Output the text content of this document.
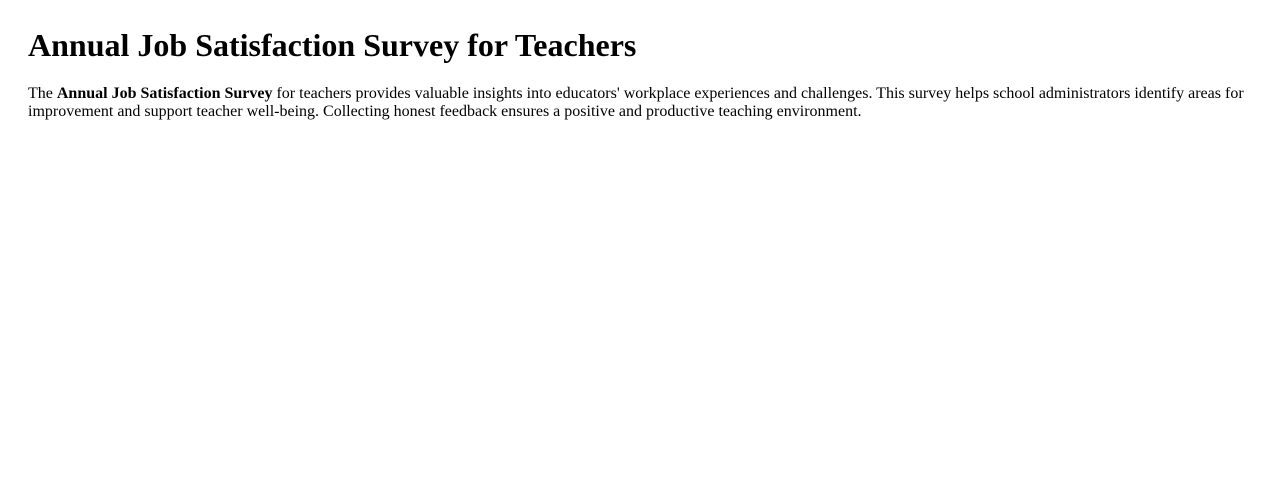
Annual Job Satisfaction Survey for Teachers

The Annual Job Satisfaction Survey for teachers provides valuable insights into educators' workplace experiences and challenges. This survey helps school administrators identify areas for improvement and support teacher well-being. Collecting honest feedback ensures a positive and productive teaching environment.
